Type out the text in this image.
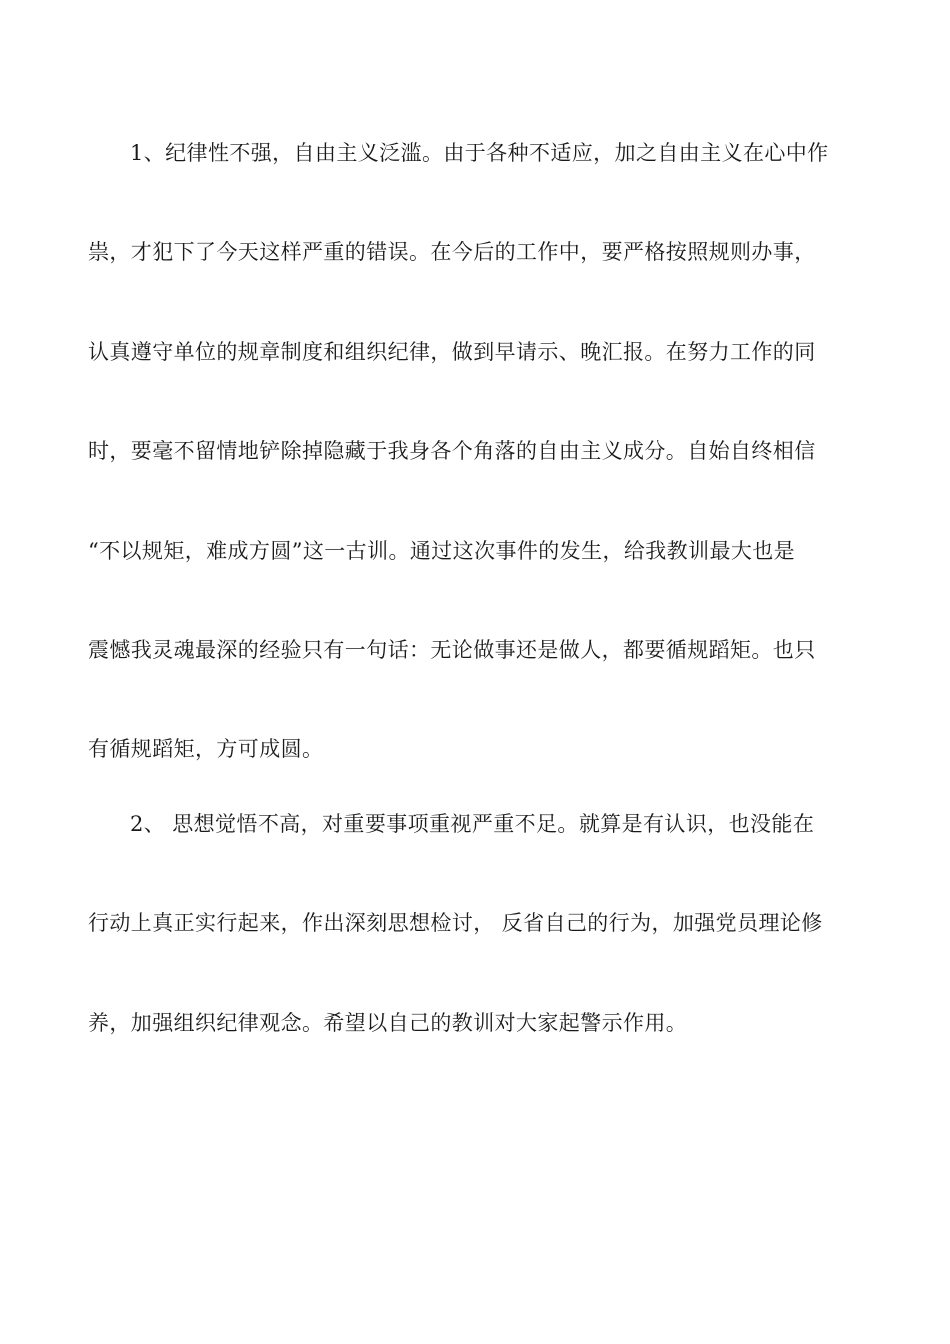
1、纪律性不强，自由主义泛滥。由于各种不适应，加之自由主义在心中作
祟，才犯下了今天这样严重的错误。在今后的工作中，要严格按照规则办事，
认真遵守单位的规章制度和组织纪律，做到早请示、晚汇报。在努力工作的同
时，要毫不留情地铲除掉隐藏于我身各个角落的自由主义成分。自始自终相信
“不以规矩，难成方圆”这一古训。通过这次事件的发生，给我教训最大也是
震憾我灵魂最深的经验只有一句话：无论做事还是做人，都要循规蹈矩。也只
有循规蹈矩，方可成圆。
2、 思想觉悟不高，对重要事项重视严重不足。就算是有认识，也没能在
行动上真正实行起来，作出深刻思想检讨， 反省自己的行为，加强党员理论修
养，加强组织纪律观念。希望以自己的教训对大家起警示作用。
